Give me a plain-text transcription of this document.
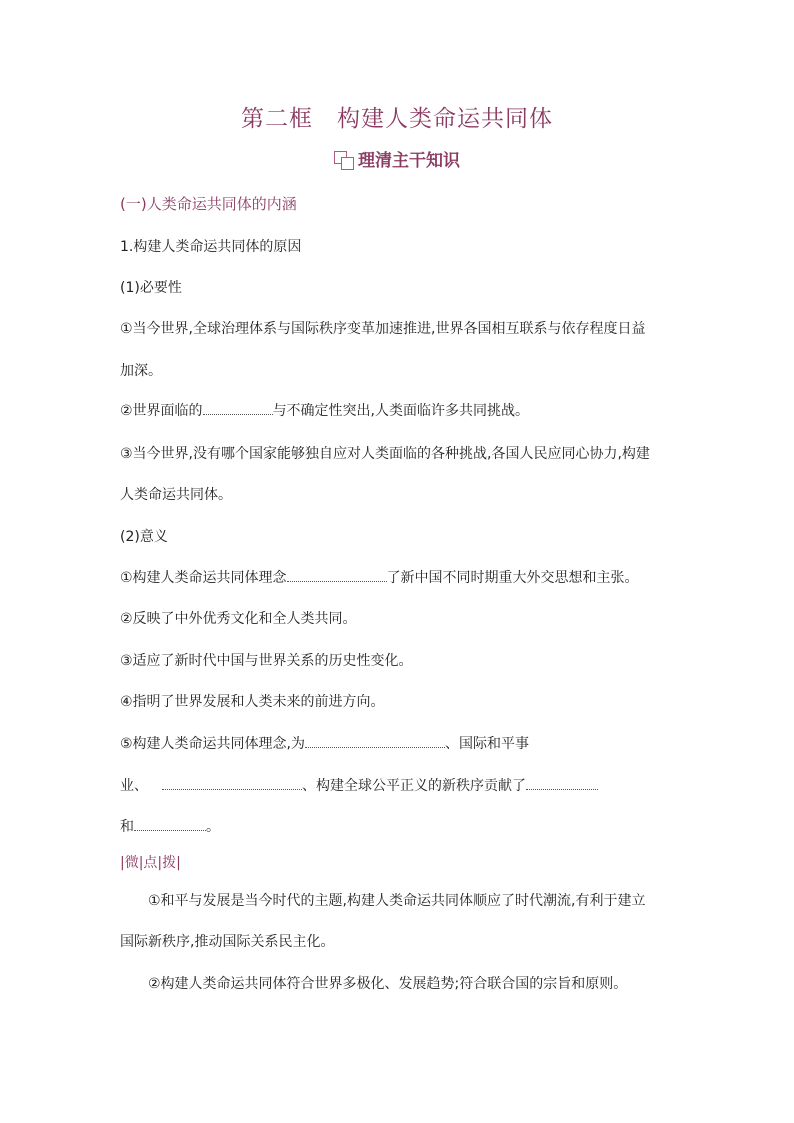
第二框 构建人类命运共同体
理清主干知识
(一)人类命运共同体的内涵
1.构建人类命运共同体的原因
(1)必要性
①当今世界,全球治理体系与国际秩序变革加速推进,世界各国相互联系与依存程度日益
加深。
②世界面临的	与不确定性突出,人类面临许多共同挑战。
③当今世界,没有哪个国家能够独自应对人类面临的各种挑战,各国人民应同心协力,构建
人类命运共同体。
(2)意义
①构建人类命运共同体理念	了新中国不同时期重大外交思想和主张。
②反映了中外优秀文化和全人类共同。
③适应了新时代中国与世界关系的历史性变化。
④指明了世界发展和人类未来的前进方向。
⑤构建人类命运共同体理念,为	、国际和平事
业、	、构建全球公平正义的新秩序贡献了
和	。
|微|点|拨|
①和平与发展是当今时代的主题,构建人类命运共同体顺应了时代潮流,有利于建立
国际新秩序,推动国际关系民主化。
②构建人类命运共同体符合世界多极化、发展趋势;符合联合国的宗旨和原则。
